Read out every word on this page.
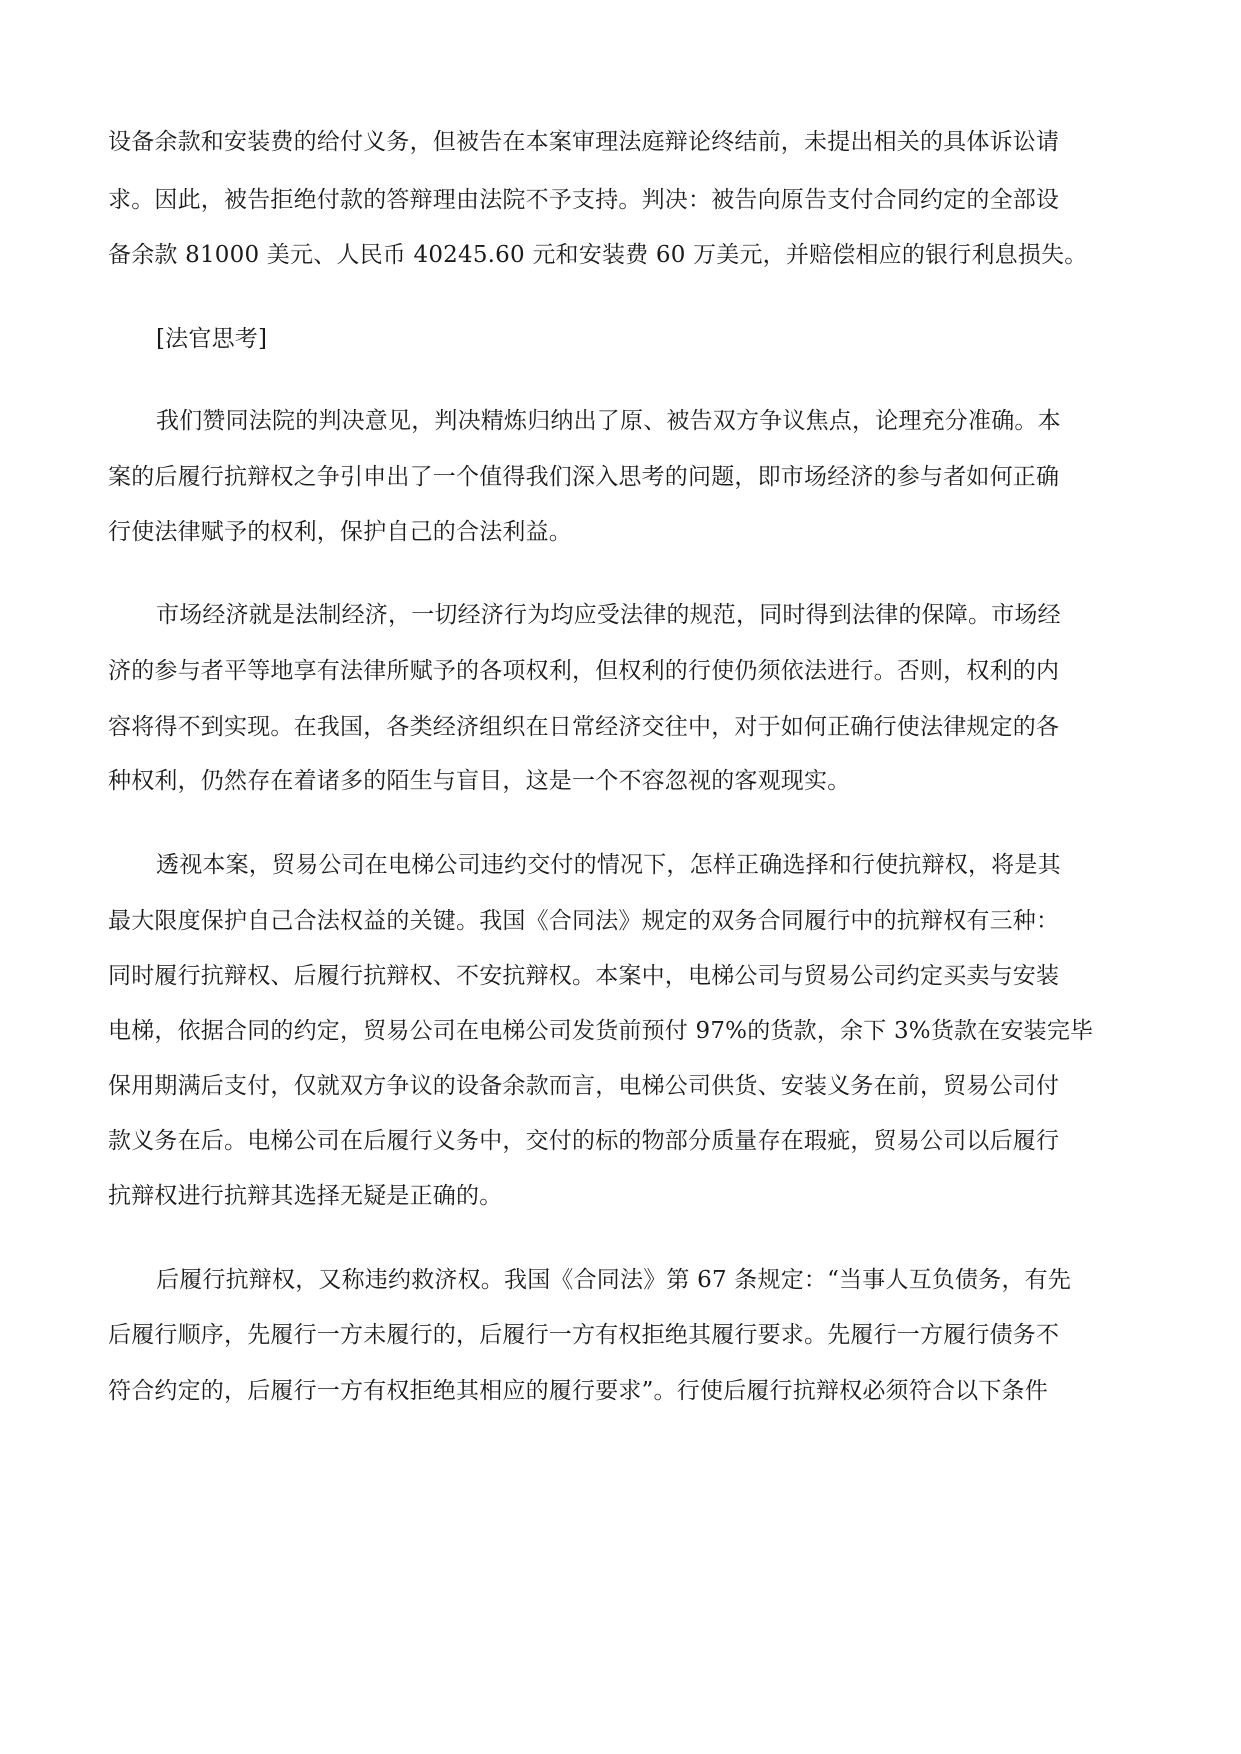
设备余款和安装费的给付义务，但被告在本案审理法庭辩论终结前，未提出相关的具体诉讼请
求。因此，被告拒绝付款的答辩理由法院不予支持。判决：被告向原告支付合同约定的全部设
备余款 81000 美元、人民币 40245.60 元和安装费 60 万美元，并赔偿相应的银行利息损失。
[法官思考]
我们赞同法院的判决意见，判决精炼归纳出了原、被告双方争议焦点，论理充分准确。本
案的后履行抗辩权之争引申出了一个值得我们深入思考的问题，即市场经济的参与者如何正确
行使法律赋予的权利，保护自己的合法利益。
市场经济就是法制经济，一切经济行为均应受法律的规范，同时得到法律的保障。市场经
济的参与者平等地享有法律所赋予的各项权利，但权利的行使仍须依法进行。否则，权利的内
容将得不到实现。在我国，各类经济组织在日常经济交往中，对于如何正确行使法律规定的各
种权利，仍然存在着诸多的陌生与盲目，这是一个不容忽视的客观现实。
透视本案，贸易公司在电梯公司违约交付的情况下，怎样正确选择和行使抗辩权，将是其
最大限度保护自己合法权益的关键。我国《合同法》规定的双务合同履行中的抗辩权有三种：
同时履行抗辩权、后履行抗辩权、不安抗辩权。本案中，电梯公司与贸易公司约定买卖与安装
电梯，依据合同的约定，贸易公司在电梯公司发货前预付 97%的货款，余下 3%货款在安装完毕
保用期满后支付，仅就双方争议的设备余款而言，电梯公司供货、安装义务在前，贸易公司付
款义务在后。电梯公司在后履行义务中，交付的标的物部分质量存在瑕疵，贸易公司以后履行
抗辩权进行抗辩其选择无疑是正确的。
后履行抗辩权，又称违约救济权。我国《合同法》第 67 条规定：“当事人互负债务，有先
后履行顺序，先履行一方未履行的，后履行一方有权拒绝其履行要求。先履行一方履行债务不
符合约定的，后履行一方有权拒绝其相应的履行要求”。行使后履行抗辩权必须符合以下条件
